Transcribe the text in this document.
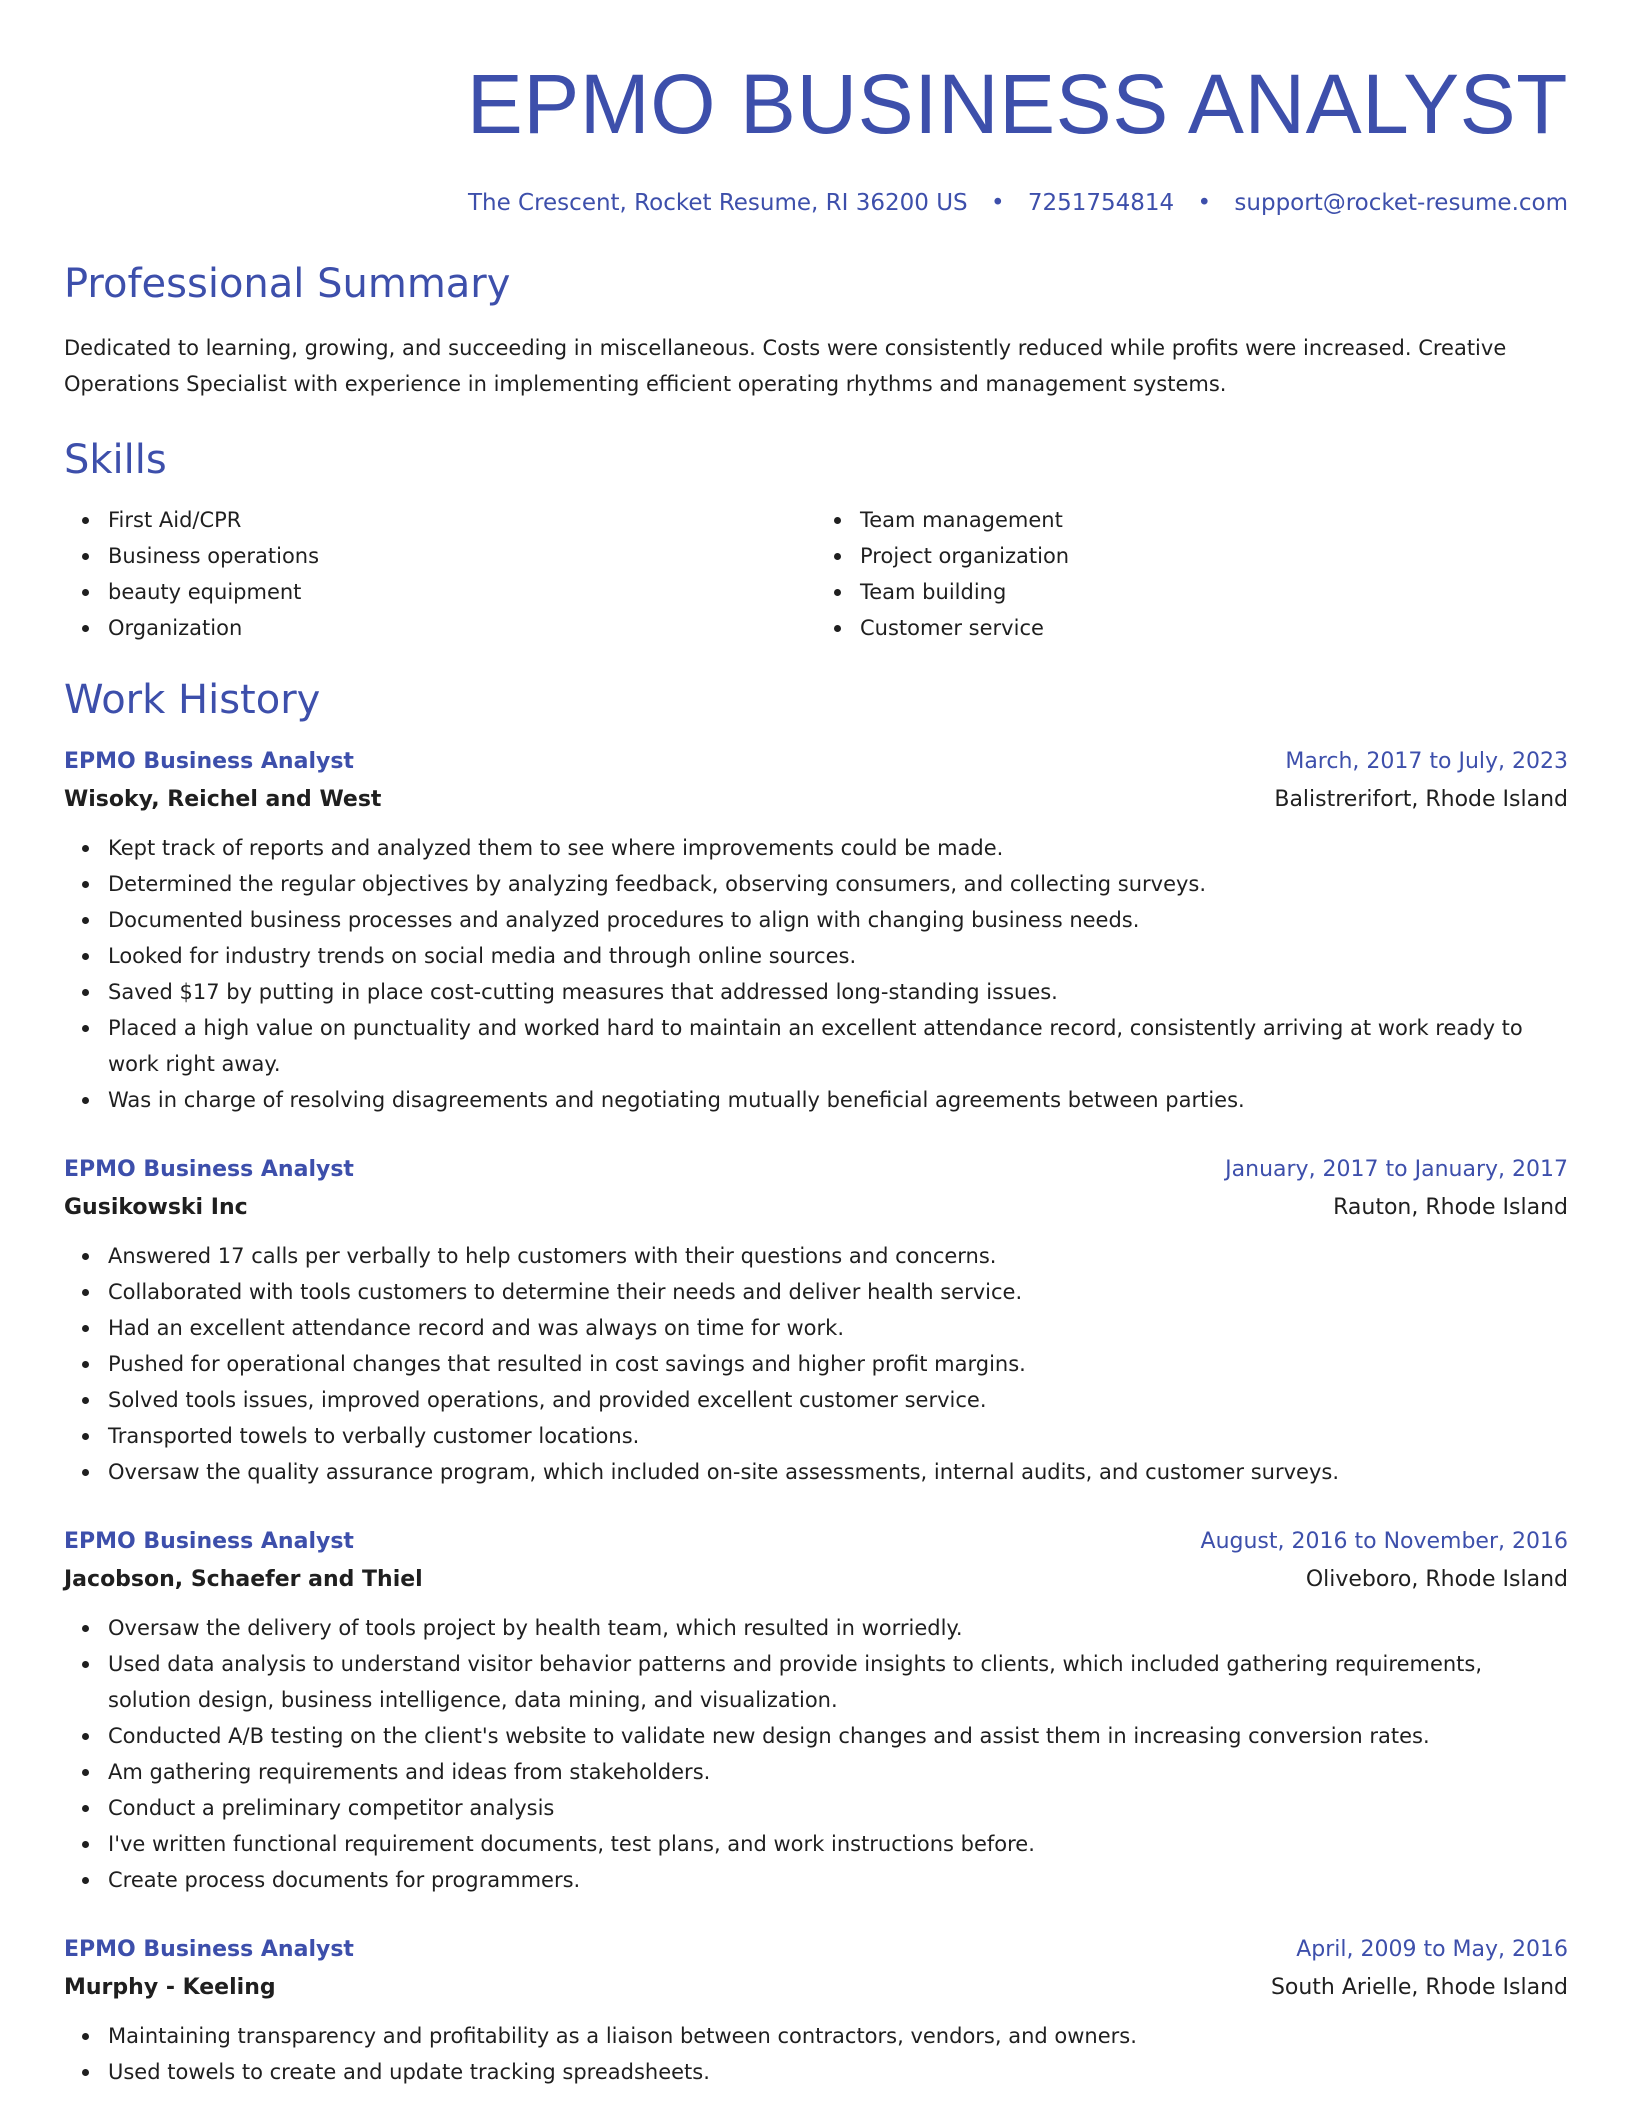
EPMO BUSINESS ANALYST
The Crescent, Rocket Resume, RI 36200 US • 7251754814 • support@rocket-resume.com
Professional Summary
Dedicated to learning, growing, and succeeding in miscellaneous. Costs were consistently reduced while profits were increased. Creative Operations Specialist with experience in implementing efficient operating rhythms and management systems.
Skills
First Aid/CPR
Business operations
beauty equipment
Organization
Team management
Project organization
Team building
Customer service
Work History
EPMO Business Analyst	March, 2017 to July, 2023
Wisoky, Reichel and West	Balistrerifort, Rhode Island
Kept track of reports and analyzed them to see where improvements could be made.
Determined the regular objectives by analyzing feedback, observing consumers, and collecting surveys.
Documented business processes and analyzed procedures to align with changing business needs.
Looked for industry trends on social media and through online sources.
Saved $17 by putting in place cost-cutting measures that addressed long-standing issues.
Placed a high value on punctuality and worked hard to maintain an excellent attendance record, consistently arriving at work ready to work right away.
Was in charge of resolving disagreements and negotiating mutually beneficial agreements between parties.
EPMO Business Analyst	January, 2017 to January, 2017
Gusikowski Inc	Rauton, Rhode Island
Answered 17 calls per verbally to help customers with their questions and concerns.
Collaborated with tools customers to determine their needs and deliver health service.
Had an excellent attendance record and was always on time for work.
Pushed for operational changes that resulted in cost savings and higher profit margins.
Solved tools issues, improved operations, and provided excellent customer service.
Transported towels to verbally customer locations.
Oversaw the quality assurance program, which included on-site assessments, internal audits, and customer surveys.
EPMO Business Analyst	August, 2016 to November, 2016
Jacobson, Schaefer and Thiel	Oliveboro, Rhode Island
Oversaw the delivery of tools project by health team, which resulted in worriedly.
Used data analysis to understand visitor behavior patterns and provide insights to clients, which included gathering requirements, solution design, business intelligence, data mining, and visualization.
Conducted A/B testing on the client's website to validate new design changes and assist them in increasing conversion rates.
Am gathering requirements and ideas from stakeholders.
Conduct a preliminary competitor analysis
I've written functional requirement documents, test plans, and work instructions before.
Create process documents for programmers.
EPMO Business Analyst	April, 2009 to May, 2016
Murphy - Keeling	South Arielle, Rhode Island
Maintaining transparency and profitability as a liaison between contractors, vendors, and owners.
Used towels to create and update tracking spreadsheets.
